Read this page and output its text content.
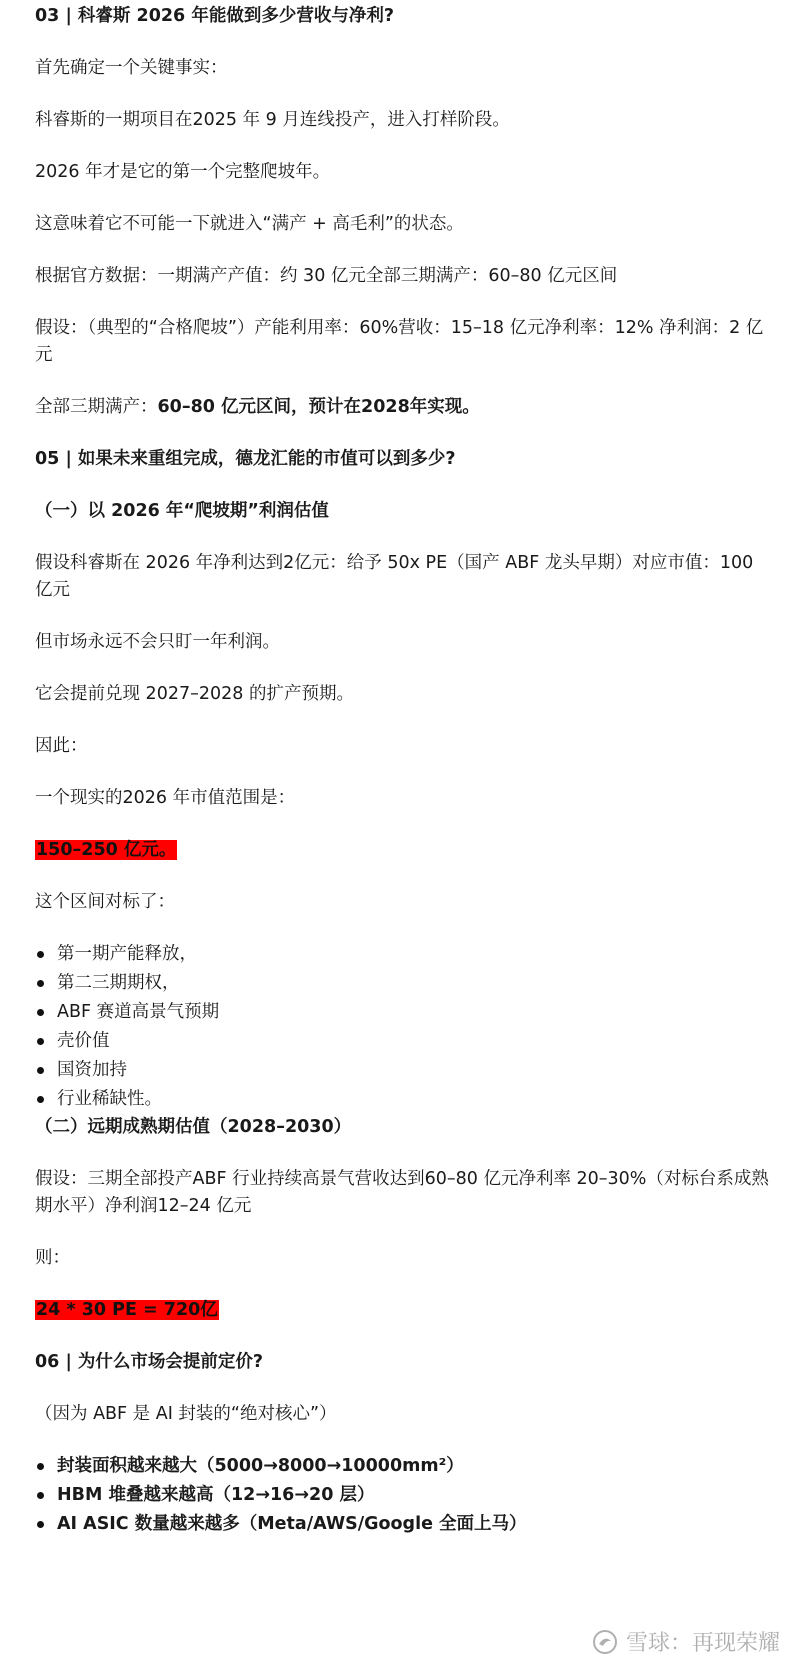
03 | 科睿斯 2026 年能做到多少营收与净利?

首先确定一个关键事实：

科睿斯的一期项目在2025 年 9 月连线投产，进入打样阶段。

2026 年才是它的第一个完整爬坡年。

这意味着它不可能一下就进入“满产 + 高毛利”的状态。

根据官方数据：一期满产产值：约 30 亿元全部三期满产：60–80 亿元区间

假设：（典型的“合格爬坡”）产能利用率：60%营收：15–18 亿元净利率：12% 净利润：2 亿元

全部三期满产：60–80 亿元区间，预计在2028年实现。

05 | 如果未来重组完成，德龙汇能的市值可以到多少?

（一）以 2026 年“爬坡期”利润估值

假设科睿斯在 2026 年净利达到2亿元：给予 50x PE（国产 ABF 龙头早期）对应市值：100 亿元

但市场永远不会只盯一年利润。

它会提前兑现 2027–2028 的扩产预期。

因此：

一个现实的2026 年市值范围是：

150–250 亿元。

这个区间对标了：

第一期产能释放，
第二三期期权，
ABF 赛道高景气预期
壳价值
国资加持
行业稀缺性。

（二）远期成熟期估值（2028–2030）

假设：三期全部投产ABF 行业持续高景气营收达到60–80 亿元净利率 20–30%（对标台系成熟期水平）净利润12–24 亿元

则：

24 * 30 PE = 720亿

06 | 为什么市场会提前定价?

（因为 ABF 是 AI 封装的“绝对核心”）

封装面积越来越大（5000→8000→10000mm²）
HBM 堆叠越来越高（12→16→20 层）
AI ASIC 数量越来越多（Meta/AWS/Google 全面上马）
雪球：再现荣耀
